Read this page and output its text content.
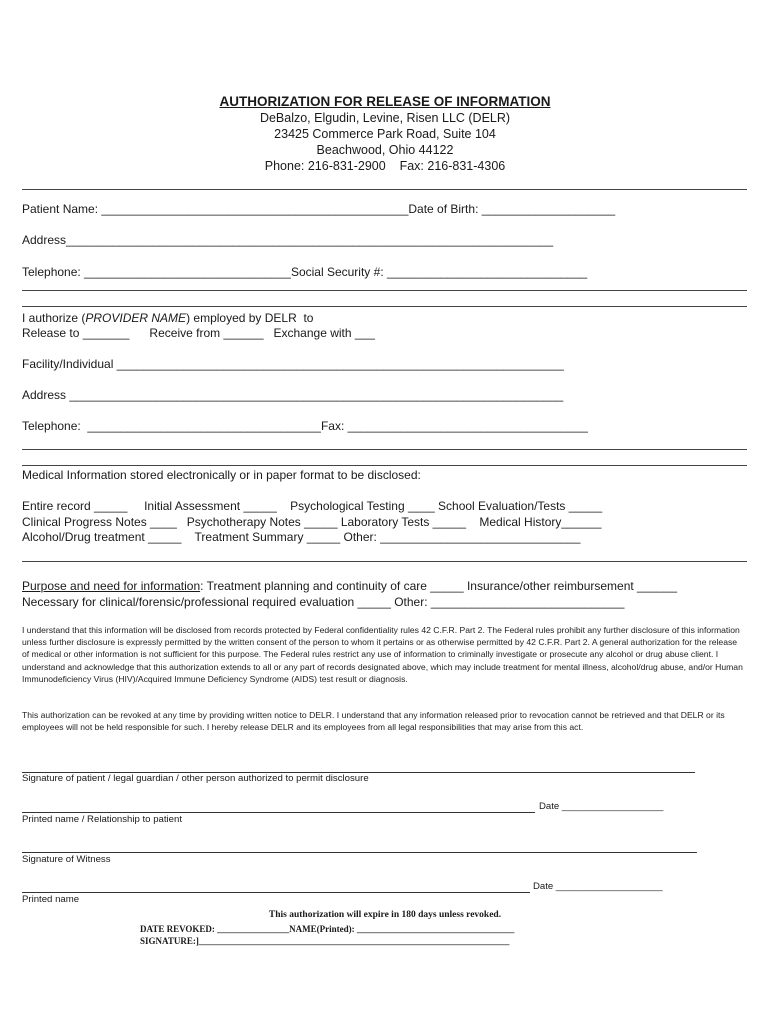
AUTHORIZATION FOR RELEASE OF INFORMATION
DeBalzo, Elgudin, Levine, Risen LLC (DELR)
23425 Commerce Park Road, Suite 104
Beachwood, Ohio 44122
Phone: 216-831-2900    Fax: 216-831-4306
Patient Name: ______________________________________________Date of Birth: ____________________
Address_________________________________________________________________________
Telephone: _______________________________Social Security #: ______________________________
I authorize (PROVIDER NAME) employed by DELR  to
Release to _______      Receive from ______   Exchange with ___
Facility/Individual ___________________________________________________________________
Address __________________________________________________________________________
Telephone:  ___________________________________Fax: ____________________________________
Medical Information stored electronically or in paper format to be disclosed:
Entire record _____     Initial Assessment _____    Psychological Testing ____ School Evaluation/Tests _____
Clinical Progress Notes ____   Psychotherapy Notes _____ Laboratory Tests _____    Medical History______
Alcohol/Drug treatment _____    Treatment Summary _____ Other: ______________________________
Purpose and need for information: Treatment planning and continuity of care _____ Insurance/other reimbursement ______
Necessary for clinical/forensic/professional required evaluation _____ Other: _____________________________
I understand that this information will be disclosed from records protected by Federal confidentiality rules 42 C.F.R. Part 2. The Federal rules prohibit any further disclosure of this information unless further disclosure is expressly permitted by the written consent of the person to whom it pertains or as otherwise permitted by 42 C.F.R. Part 2. A general authorization for the release of medical or other information is not sufficient for this purpose. The Federal rules restrict any use of information to criminally investigate or prosecute any alcohol or drug abuse client. I understand and acknowledge that this authorization extends to all or any part of records designated above, which may include treatment for mental illness, alcohol/drug abuse, and/or Human Immunodeficiency Virus (HIV)/Acquired Immune Deficiency Syndrome (AIDS) test result or diagnosis.
This authorization can be revoked at any time by providing written notice to DELR. I understand that any information released prior to revocation cannot be retrieved and that DELR or its employees will not be held responsible for such. I hereby release DELR and its employees from all legal responsibilities that may arise from this act.
Signature of patient / legal guardian / other person authorized to permit disclosure
Date ___________________
Printed name / Relationship to patient
Signature of Witness
Date ____________________
Printed name
This authorization will expire in 180 days unless revoked.
DATE REVOKED: ________________NAME(Printed): ___________________________________
SIGNATURE:]_____________________________________________________________________
